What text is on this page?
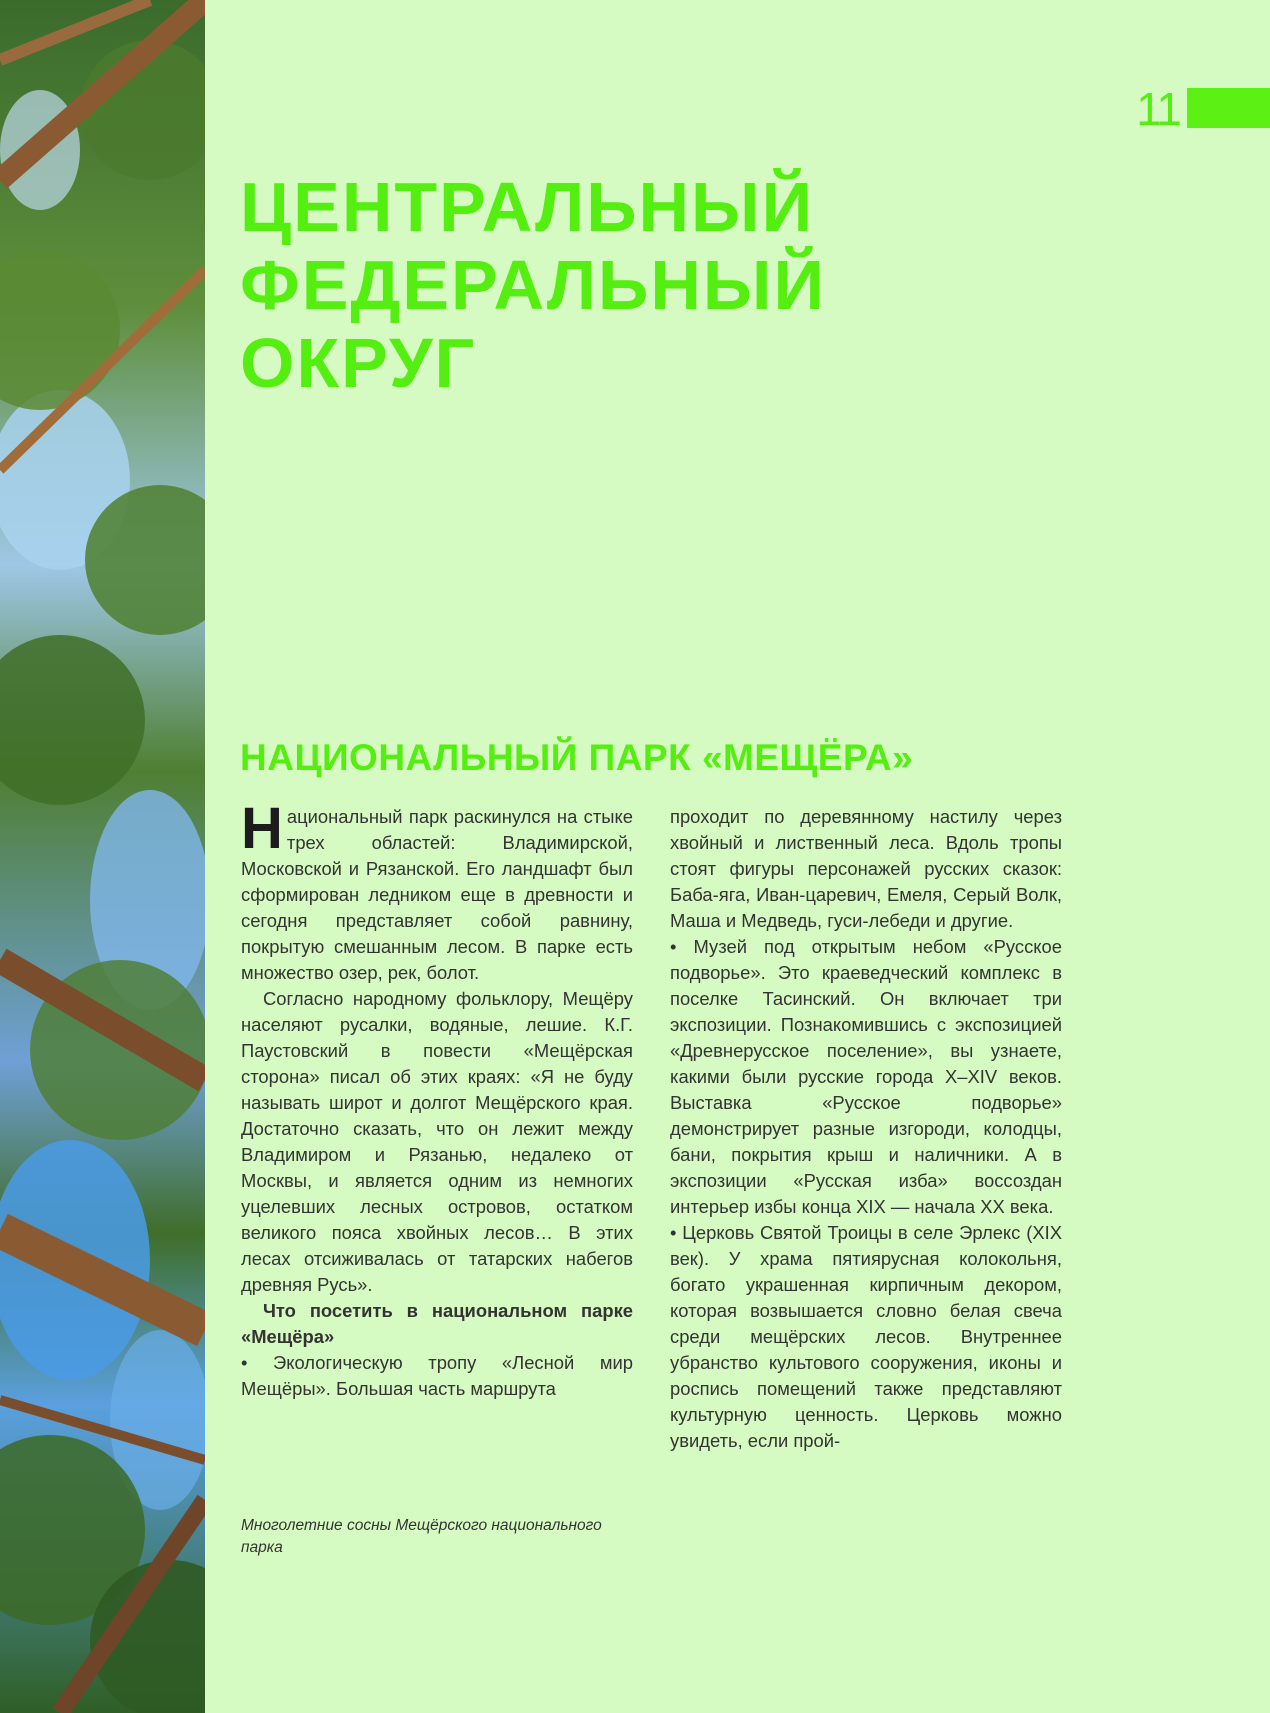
11
ЦЕНТРАЛЬНЫЙ
ФЕДЕРАЛЬНЫЙ
ОКРУГ
НАЦИОНАЛЬНЫЙ ПАРК «МЕЩЁРА»

Национальный парк раскинулся на стыке трех областей: Владимирской, Московской и Рязанской. Его ландшафт был сформирован ледником еще в древности и сегодня представляет собой равнину, покрытую смешанным лесом. В парке есть множество озер, рек, болот.

Согласно народному фольклору, Мещёру населяют русалки, водяные, лешие. К.Г. Паустовский в повести «Мещёрская сторона» писал об этих краях: «Я не буду называть широт и долгот Мещёрского края. Достаточно сказать, что он лежит между Владимиром и Рязанью, недалеко от Москвы, и является одним из немногих уцелевших лесных островов, остатком великого пояса хвойных лесов… В этих лесах отсиживалась от татарских набегов древняя Русь».

Что посетить в национальном парке «Мещёра»

• Экологическую тропу «Лесной мир Мещёры». Большая часть маршрута

Многолетние сосны Мещёрского национального парка

проходит по деревянному настилу через хвойный и лиственный леса. Вдоль тропы стоят фигуры персонажей русских сказок: Баба-яга, Иван-царевич, Емеля, Серый Волк, Маша и Медведь, гуси-лебеди и другие.

• Музей под открытым небом «Русское подворье». Это краеведческий комплекс в поселке Тасинский. Он включает три экспозиции. Познакомившись с экспозицией «Древнерусское поселение», вы узнаете, какими были русские города X–XIV веков. Выставка «Русское подворье» демонстрирует разные изгороди, колодцы, бани, покрытия крыш и наличники. А в экспозиции «Русская изба» воссоздан интерьер избы конца XIX — начала XX века.

• Церковь Святой Троицы в селе Эрлекс (XIX век). У храма пятиярусная колокольня, богато украшенная кирпичным декором, которая возвышается словно белая свеча среди мещёрских лесов. Внутреннее убранство культового сооружения, иконы и роспись помещений также представляют культурную ценность. Церковь можно увидеть, если прой-
